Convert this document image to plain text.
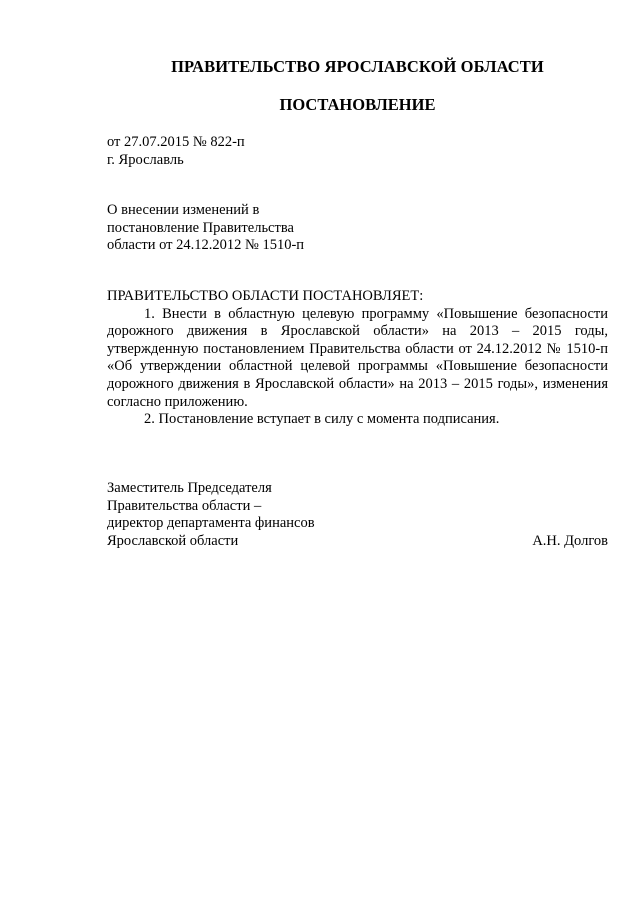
ПРАВИТЕЛЬСТВО ЯРОСЛАВСКОЙ ОБЛАСТИ
ПОСТАНОВЛЕНИЕ
от 27.07.2015 № 822-п
г. Ярославль
О внесении изменений в
постановление Правительства
области от 24.12.2012 № 1510-п
ПРАВИТЕЛЬСТВО ОБЛАСТИ ПОСТАНОВЛЯЕТ:

1. Внести в областную целевую программу «Повышение безопасности дорожного движения в Ярославской области» на 2013 – 2015 годы, утвержденную постановлением Правительства области от 24.12.2012 № 1510-п «Об утверждении областной целевой программы «Повышение безопасности дорожного движения в Ярославской области» на 2013 – 2015 годы», изменения согласно приложению.

2. Постановление вступает в силу с момента подписания.

Заместитель Председателя
Правительства области –
директор департамента финансов
Ярославской области	А.Н. Долгов
